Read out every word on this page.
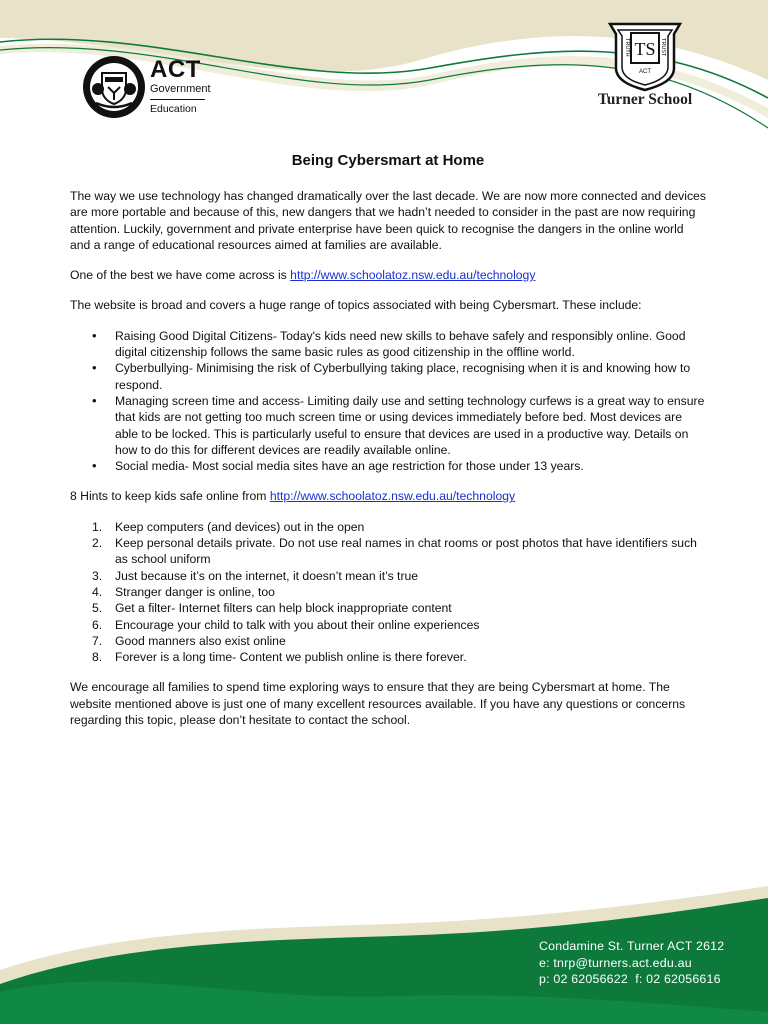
ACT
Government
Education
TS
TRUTH	TRUST
ACT
Turner School
Being Cybersmart at Home

The way we use technology has changed dramatically over the last decade. We are now more connected and devices are more portable and because of this, new dangers that we hadn’t needed to consider in the past are now requiring attention. Luckily, government and private enterprise have been quick to recognise the dangers in the online world and a range of educational resources aimed at families are available.

One of the best we have come across is http://www.schoolatoz.nsw.edu.au/technology

The website is broad and covers a huge range of topics associated with being Cybersmart. These include:

• Raising Good Digital Citizens- Today's kids need new skills to behave safely and responsibly online. Good digital citizenship follows the same basic rules as good citizenship in the offline world.
• Cyberbullying- Minimising the risk of Cyberbullying taking place, recognising when it is and knowing how to respond.
• Managing screen time and access- Limiting daily use and setting technology curfews is a great way to ensure that kids are not getting too much screen time or using devices immediately before bed. Most devices are able to be locked. This is particularly useful to ensure that devices are used in a productive way. Details on how to do this for different devices are readily available online.
• Social media- Most social media sites have an age restriction for those under 13 years.

8 Hints to keep kids safe online from http://www.schoolatoz.nsw.edu.au/technology

1. Keep computers (and devices) out in the open
2. Keep personal details private. Do not use real names in chat rooms or post photos that have identifiers such as school uniform
3. Just because it’s on the internet, it doesn’t mean it’s true
4. Stranger danger is online, too
5. Get a filter- Internet filters can help block inappropriate content
6. Encourage your child to talk with you about their online experiences
7. Good manners also exist online
8. Forever is a long time- Content we publish online is there forever.

We encourage all families to spend time exploring ways to ensure that they are being Cybersmart at home. The website mentioned above is just one of many excellent resources available. If you have any questions or concerns regarding this topic, please don’t hesitate to contact the school.

Condamine St. Turner ACT 2612
e: tnrp@turners.act.edu.au
p: 02 62056622  f: 02 62056616
